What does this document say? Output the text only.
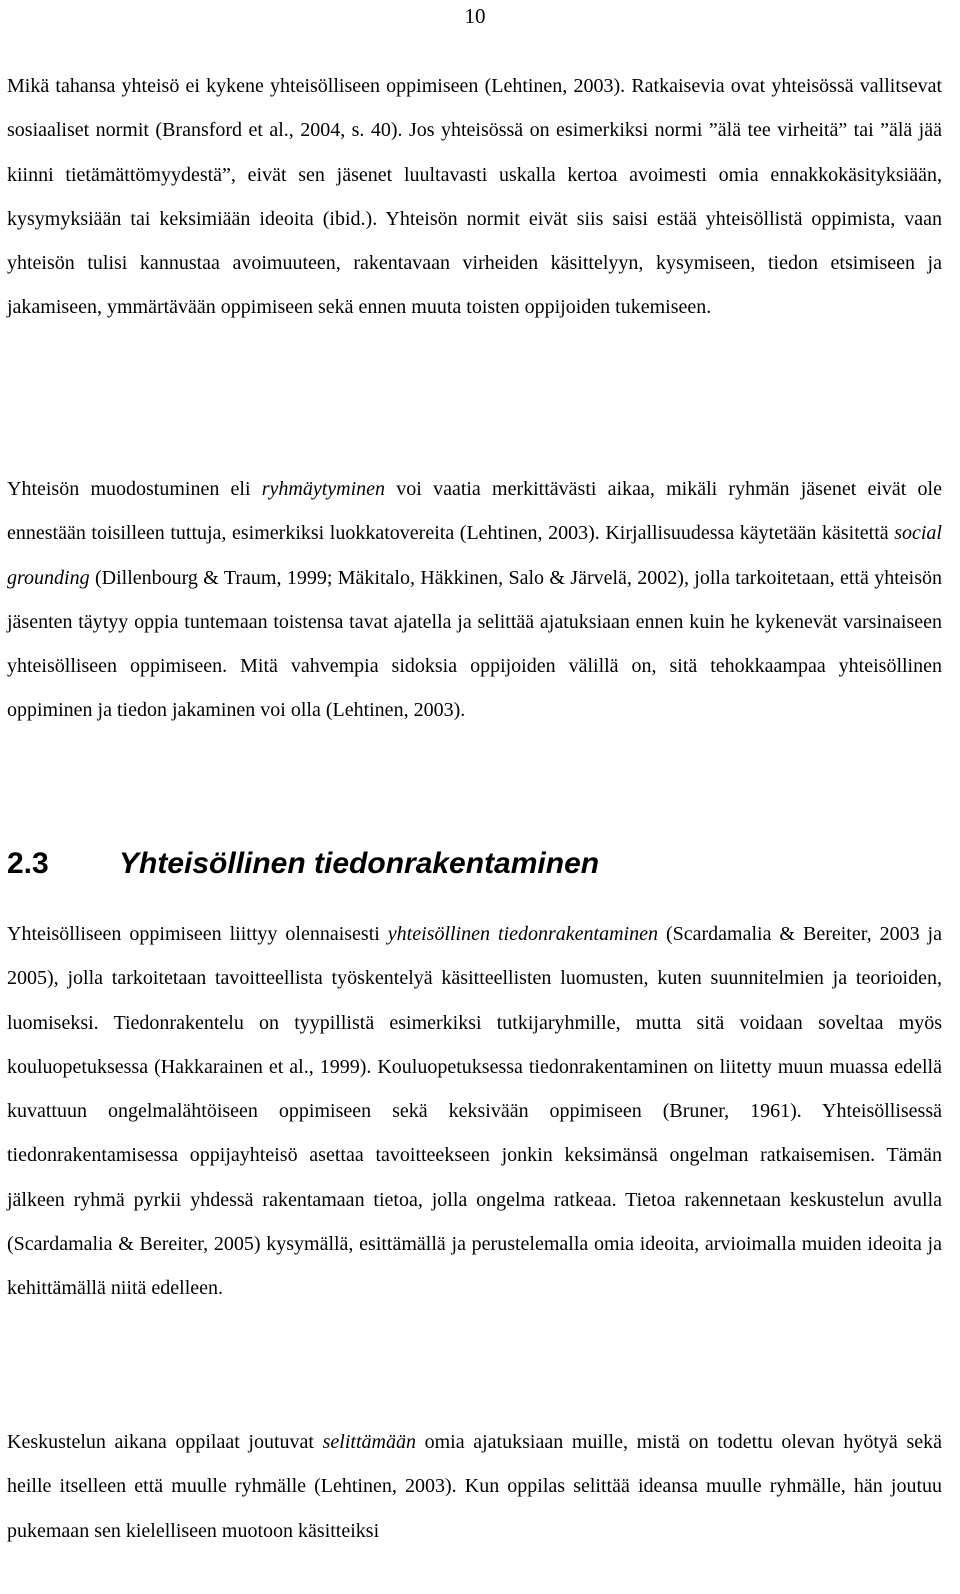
10

Mikä tahansa yhteisö ei kykene yhteisölliseen oppimiseen (Lehtinen, 2003). Ratkaisevia ovat yhteisössä vallitsevat sosiaaliset normit (Bransford et al., 2004, s. 40). Jos yhteisössä on esimerkiksi normi ”älä tee virheitä” tai ”älä jää kiinni tietämättömyydestä”, eivät sen jäsenet luultavasti uskalla kertoa avoimesti omia ennakkokäsityksiään, kysymyksiään tai keksimiään ideoita (ibid.). Yhteisön normit eivät siis saisi estää yhteisöllistä oppimista, vaan yhteisön tulisi kannustaa avoimuuteen, rakentavaan virheiden käsittelyyn, kysymiseen, tiedon etsimiseen ja jakamiseen, ymmärtävään oppimiseen sekä ennen muuta toisten oppijoiden tukemiseen.

Yhteisön muodostuminen eli ryhmäytyminen voi vaatia merkittävästi aikaa, mikäli ryhmän jäsenet eivät ole ennestään toisilleen tuttuja, esimerkiksi luokkatovereita (Lehtinen, 2003). Kirjallisuudessa käytetään käsitettä social grounding (Dillenbourg & Traum, 1999; Mäkitalo, Häkkinen, Salo & Järvelä, 2002), jolla tarkoitetaan, että yhteisön jäsenten täytyy oppia tuntemaan toistensa tavat ajatella ja selittää ajatuksiaan ennen kuin he kykenevät varsinaiseen yhteisölliseen oppimiseen. Mitä vahvempia sidoksia oppijoiden välillä on, sitä tehokkaampaa yhteisöllinen oppiminen ja tiedon jakaminen voi olla (Lehtinen, 2003).

2.3 Yhteisöllinen tiedonrakentaminen

Yhteisölliseen oppimiseen liittyy olennaisesti yhteisöllinen tiedonrakentaminen (Scardamalia & Bereiter, 2003 ja 2005), jolla tarkoitetaan tavoitteellista työskentelyä käsitteellisten luomusten, kuten suunnitelmien ja teorioiden, luomiseksi. Tiedonrakentelu on tyypillistä esimerkiksi tutkijaryhmille, mutta sitä voidaan soveltaa myös kouluopetuksessa (Hakkarainen et al., 1999). Kouluopetuksessa tiedonrakentaminen on liitetty muun muassa edellä kuvattuun ongelmalähtöiseen oppimiseen sekä keksivään oppimiseen (Bruner, 1961). Yhteisöllisessä tiedonrakentamisessa oppijayhteisö asettaa tavoitteekseen jonkin keksimänsä ongelman ratkaisemisen. Tämän jälkeen ryhmä pyrkii yhdessä rakentamaan tietoa, jolla ongelma ratkeaa. Tietoa rakennetaan keskustelun avulla (Scardamalia & Bereiter, 2005) kysymällä, esittämällä ja perustelemalla omia ideoita, arvioimalla muiden ideoita ja kehittämällä niitä edelleen.

Keskustelun aikana oppilaat joutuvat selittämään omia ajatuksiaan muille, mistä on todettu olevan hyötyä sekä heille itselleen että muulle ryhmälle (Lehtinen, 2003). Kun oppilas selittää ideansa muulle ryhmälle, hän joutuu pukemaan sen kielelliseen muotoon käsitteiksi
